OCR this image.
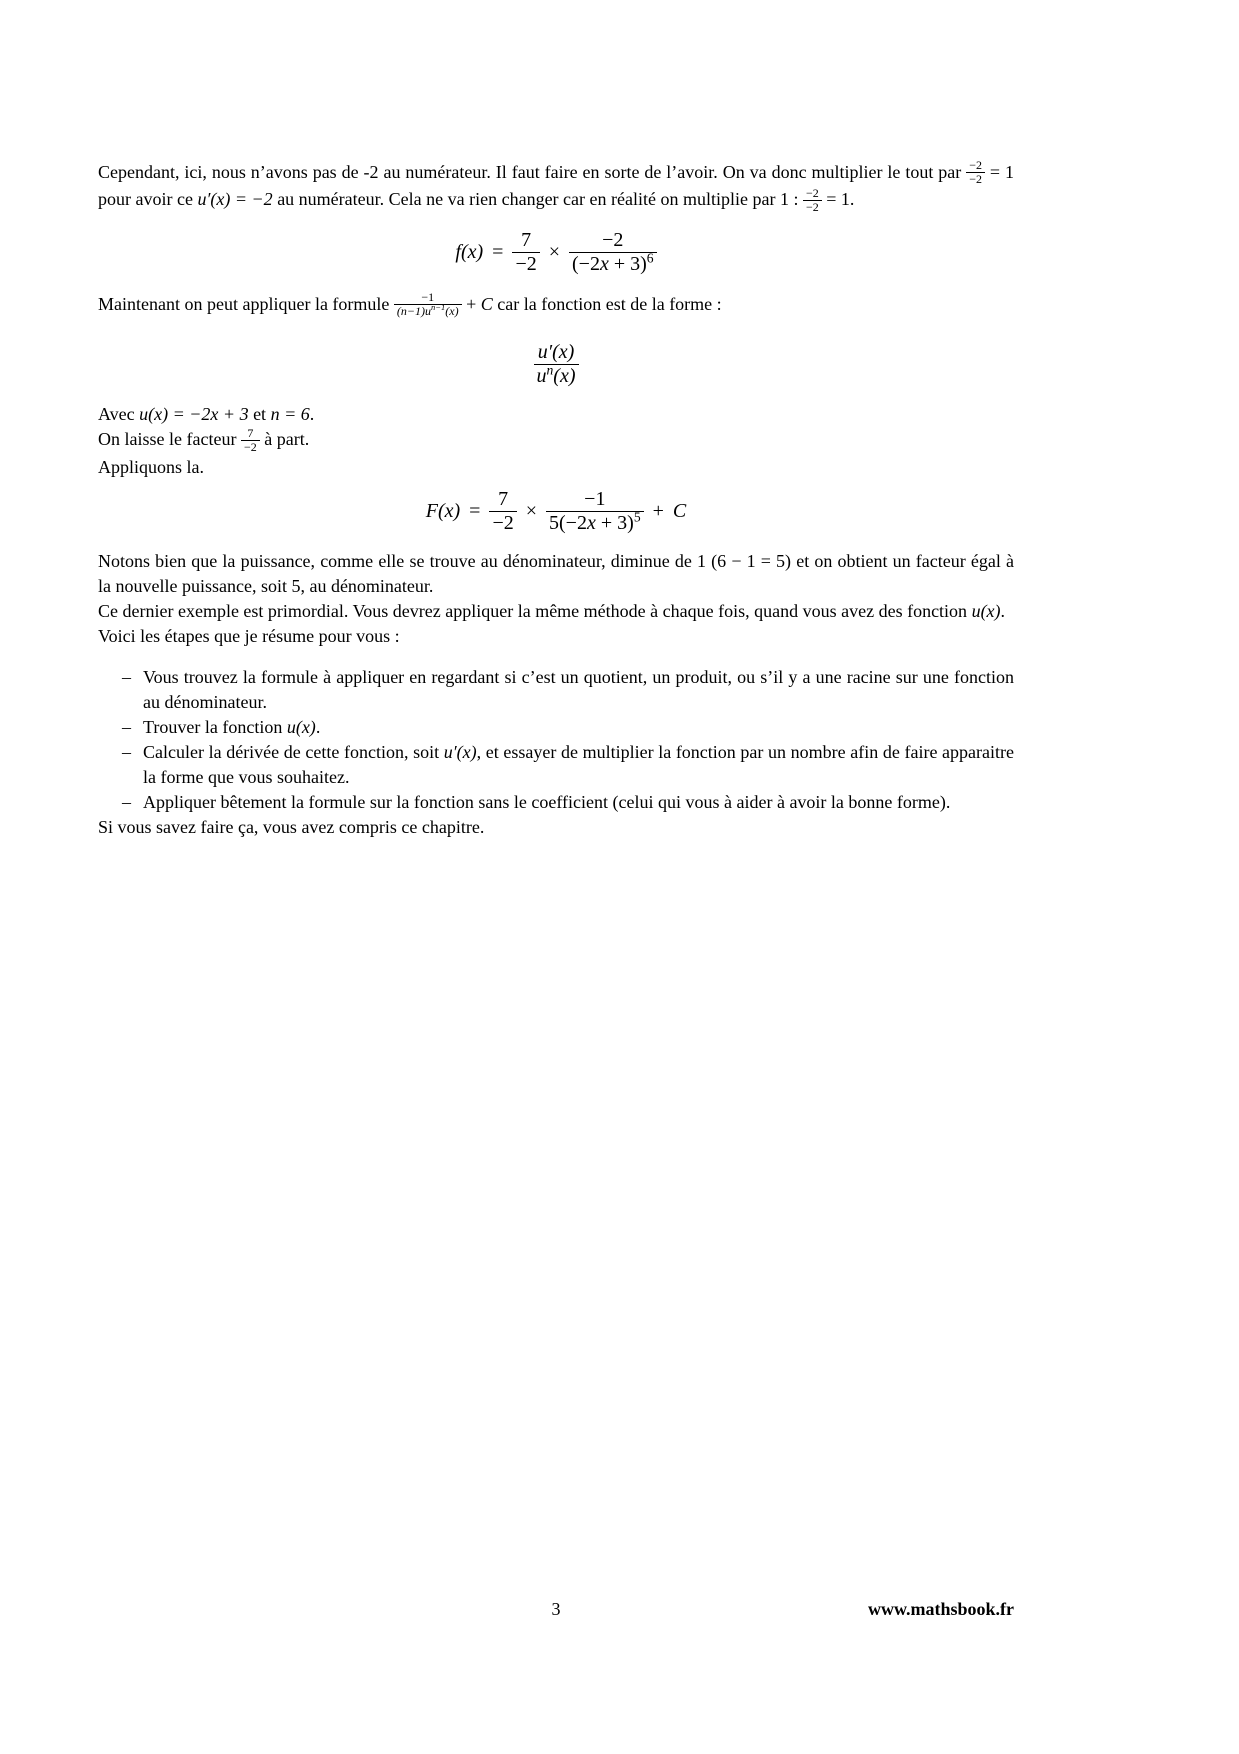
Cependant, ici, nous n’avons pas de -2 au numérateur. Il faut faire en sorte de l’avoir. On va donc multiplier le tout par $\frac{-2}{-2} = 1$ pour avoir ce u′(x) = −2 au numérateur. Cela ne va rien changer car en réalité on multiplie par 1 : $\frac{-2}{-2} = 1$.

$f(x) = \frac{7}{-2} \times \frac{-2}{(-2x + 3)^6}$

Maintenant on peut appliquer la formule $\frac{-1}{(n-1)u^{n-1}(x)} + C$ car la fonction est de la forme :

$\frac{u'(x)}{u^n(x)}$

Avec u(x) = −2x + 3 et n = 6.

On laisse le facteur $\frac{7}{-2}$ à part.

Appliquons la.

$F(x) = \frac{7}{-2} \times \frac{-1}{5(-2x + 3)^5} + C$

Notons bien que la puissance, comme elle se trouve au dénominateur, diminue de 1 (6 − 1 = 5) et on obtient un facteur égal à la nouvelle puissance, soit 5, au dénominateur.

Ce dernier exemple est primordial. Vous devrez appliquer la même méthode à chaque fois, quand vous avez des fonction u(x).

Voici les étapes que je résume pour vous :

– Vous trouvez la formule à appliquer en regardant si c’est un quotient, un produit, ou s’il y a une racine sur une fonction au dénominateur.
– Trouver la fonction u(x).
– Calculer la dérivée de cette fonction, soit u′(x), et essayer de multiplier la fonction par un nombre afin de faire apparaitre la forme que vous souhaitez.
– Appliquer bêtement la formule sur la fonction sans le coefficient (celui qui vous à aider à avoir la bonne forme).

Si vous savez faire ça, vous avez compris ce chapitre.

3	www.mathsbook.fr
